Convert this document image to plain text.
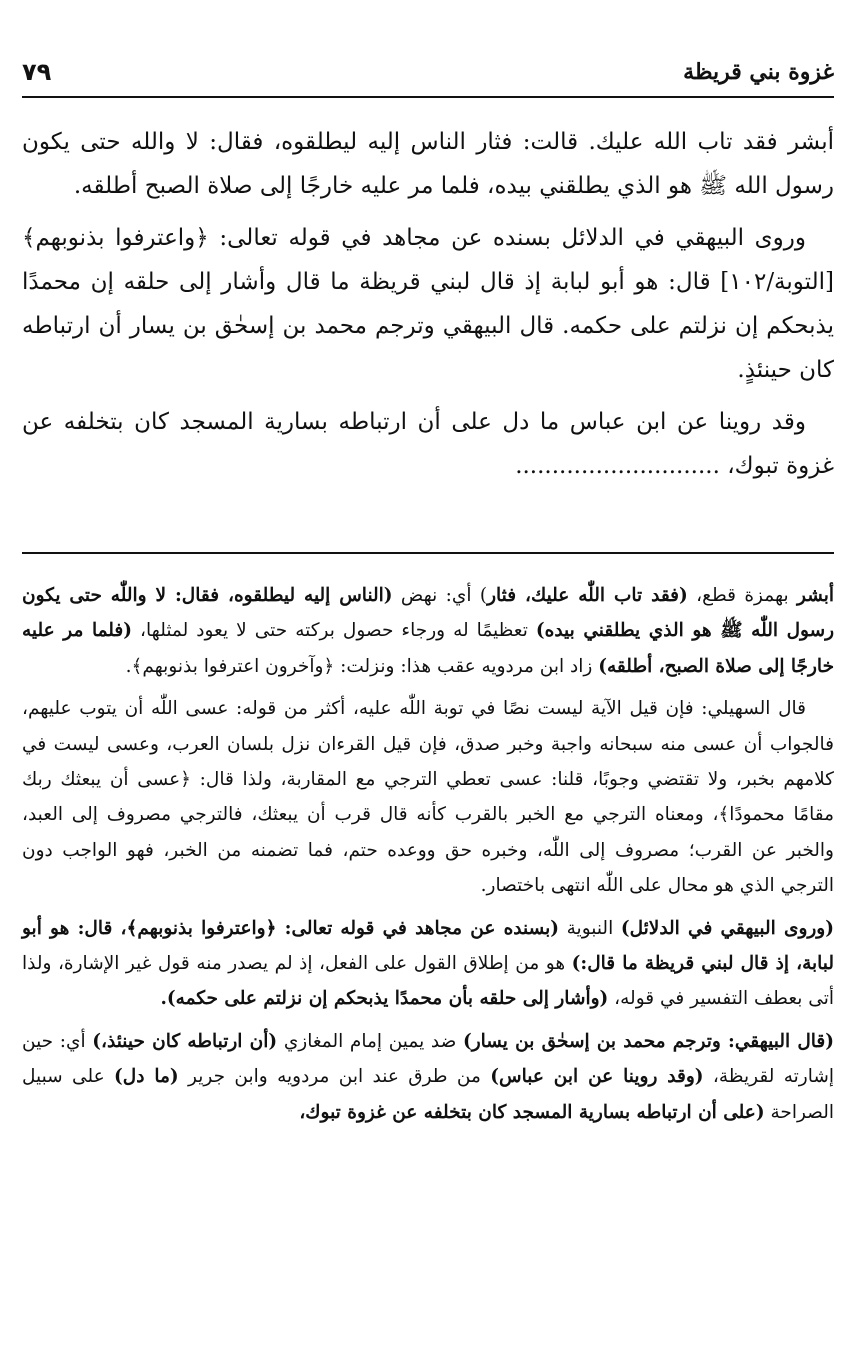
غزوة بني قريظة
٧٩

أبشر فقد تاب الله عليك. قالت: فثار الناس إليه ليطلقوه، فقال: لا والله حتى يكون رسول الله ﷺ هو الذي يطلقني بيده، فلما مر عليه خارجًا إلى صلاة الصبح أطلقه.

وروى البيهقي في الدلائل بسنده عن مجاهد في قوله تعالى: ﴿واعترفوا بذنوبهم﴾ [التوبة/١٠٢] قال: هو أبو لبابة إذ قال لبني قريظة ما قال وأشار إلى حلقه إن محمدًا يذبحكم إن نزلتم على حكمه. قال البيهقي وترجم محمد بن إسحٰق بن يسار أن ارتباطه كان حينئذٍ.

وقد روينا عن ابن عباس ما دل على أن ارتباطه بسارية المسجد كان بتخلفه عن غزوة تبوك، ............................

أبشر بهمزة قطع، (فقد تاب اللّٰه عليك، فثار) أي: نهض (الناس إليه ليطلقوه، فقال: لا واللّٰه حتى يكون رسول اللّٰه ﷺ هو الذي يطلقني بيده) تعظيمًا له ورجاء حصول بركته حتى لا يعود لمثلها، (فلما مر عليه خارجًا إلى صلاة الصبح، أطلقه) زاد ابن مردويه عقب هذا: ونزلت: ﴿وآخرون اعترفوا بذنوبهم﴾.

قال السهيلي: فإن قيل الآية ليست نصًا في توبة اللّٰه عليه، أكثر من قوله: عسى اللّٰه أن يتوب عليهم، فالجواب أن عسى منه سبحانه واجبة وخبر صدق، فإن قيل القرءان نزل بلسان العرب، وعسى ليست في كلامهم بخبر، ولا تقتضي وجوبًا، قلنا: عسى تعطي الترجي مع المقاربة، ولذا قال: ﴿عسى أن يبعثك ربك مقامًا محمودًا﴾، ومعناه الترجي مع الخبر بالقرب كأنه قال قرب أن يبعثك، فالترجي مصروف إلى العبد، والخبر عن القرب؛ مصروف إلى اللّٰه، وخبره حق ووعده حتم، فما تضمنه من الخبر، فهو الواجب دون الترجي الذي هو محال على اللّٰه انتهى باختصار.

(وروى البيهقي في الدلائل) النبوية (بسنده عن مجاهد في قوله تعالى: ﴿واعترفوا بذنوبهم﴾، قال: هو أبو لبابة، إذ قال لبني قريظة ما قال:) هو من إطلاق القول على الفعل، إذ لم يصدر منه قول غير الإشارة، ولذا أتى بعطف التفسير في قوله، (وأشار إلى حلقه بأن محمدًا يذبحكم إن نزلتم على حكمه).

(قال البيهقي: وترجم محمد بن إسحٰق بن يسار) ضد يمين إمام المغازي (أن ارتباطه كان حينئذ،) أي: حين إشارته لقريظة، (وقد روينا عن ابن عباس) من طرق عند ابن مردويه وابن جرير (ما دل) على سبيل الصراحة (على أن ارتباطه بسارية المسجد كان بتخلفه عن غزوة تبوك،
